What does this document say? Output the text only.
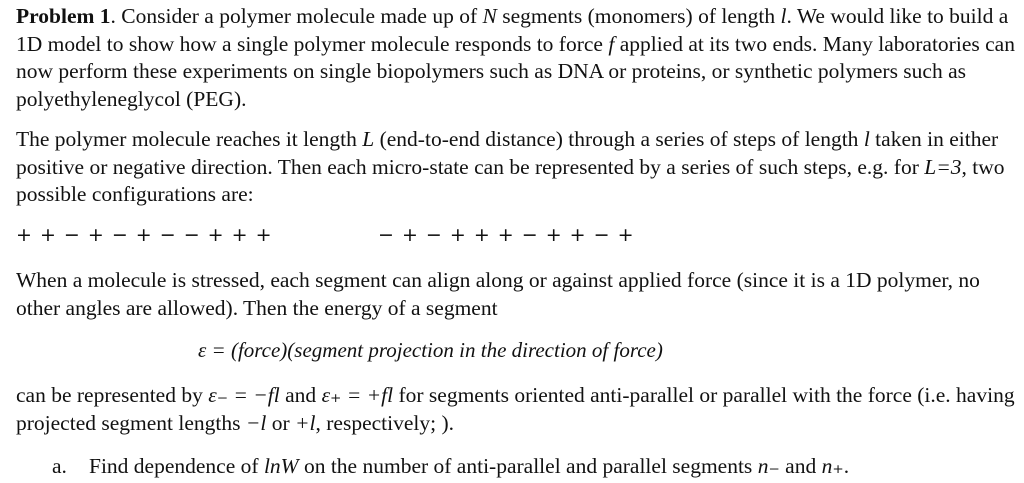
Problem 1. Consider a polymer molecule made up of N segments (monomers) of length l. We would like to build a 1D model to show how a single polymer molecule responds to force f applied at its two ends. Many laboratories can now perform these experiments on single biopolymers such as DNA or proteins, or synthetic polymers such as polyethyleneglycol (PEG).

The polymer molecule reaches it length L (end-to-end distance) through a series of steps of length l taken in either positive or negative direction. Then each micro-state can be represented by a series of such steps, e.g. for L=3, two possible configurations are:

+ + − + − + − − + + +	− + − + + + − + + − +

When a molecule is stressed, each segment can align along or against applied force (since it is a 1D polymer, no other angles are allowed). Then the energy of a segment

ε = (force)(segment projection in the direction of force)

can be represented by ε₋ = −fl and ε₊ = +fl for segments oriented anti-parallel or parallel with the force (i.e. having projected segment lengths −l or +l, respectively; ).

a. Find dependence of lnW on the number of anti-parallel and parallel segments n₋ and n₊.
